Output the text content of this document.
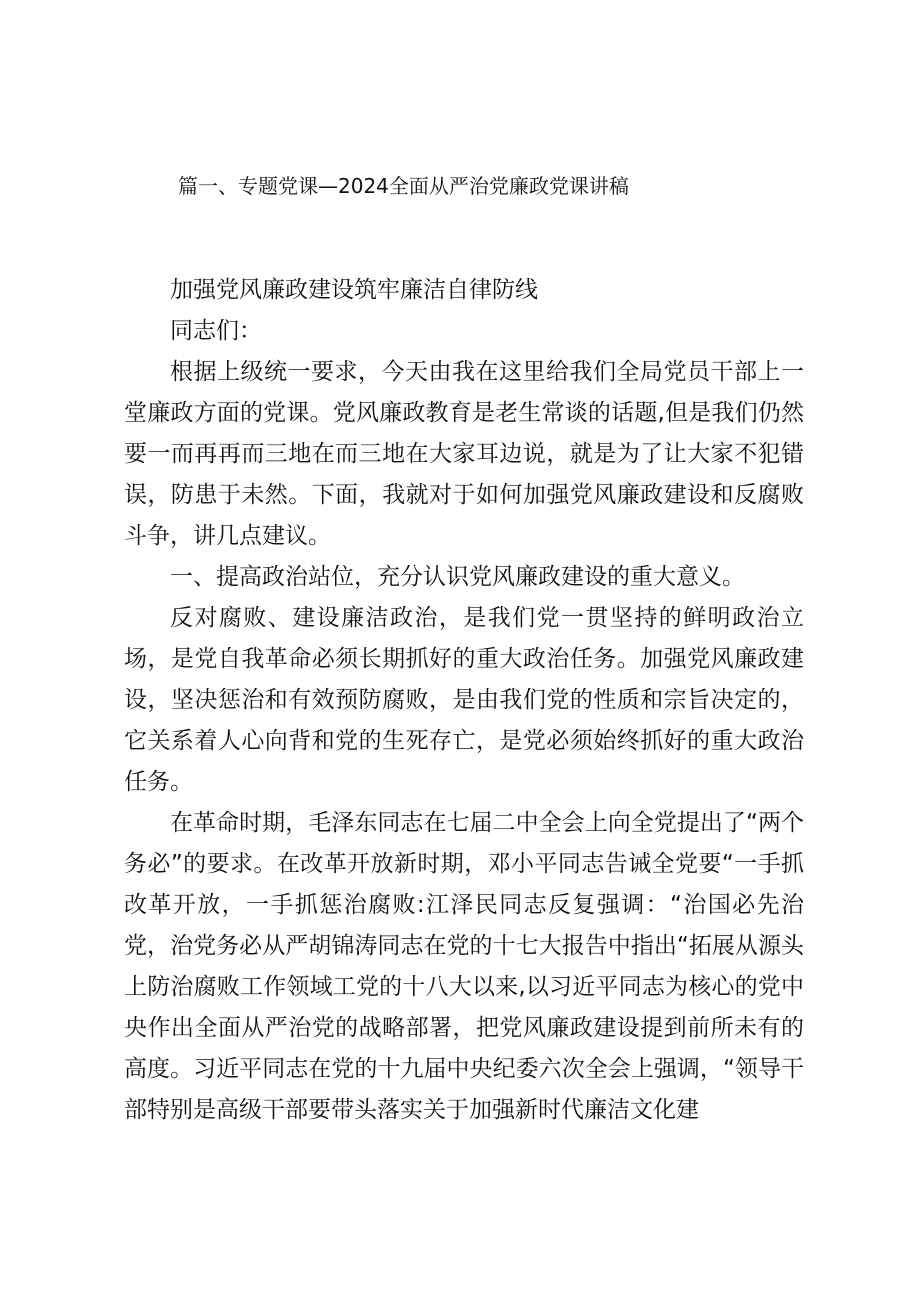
篇一、专题党课—2024全面从严治党廉政党课讲稿

加强党风廉政建设筑牢廉洁自律防线

同志们：

根据上级统一要求，今天由我在这里给我们全局党员干部上一堂廉政方面的党课。党风廉政教育是老生常谈的话题,但是我们仍然要一而再再而三地在而三地在大家耳边说，就是为了让大家不犯错误，防患于未然。下面，我就对于如何加强党风廉政建设和反腐败斗争，讲几点建议。

一、提高政治站位，充分认识党风廉政建设的重大意义。

反对腐败、建设廉洁政治，是我们党一贯坚持的鲜明政治立场，是党自我革命必须长期抓好的重大政治任务。加强党风廉政建设，坚决惩治和有效预防腐败，是由我们党的性质和宗旨决定的，它关系着人心向背和党的生死存亡，是党必须始终抓好的重大政治任务。

在革命时期，毛泽东同志在七届二中全会上向全党提出了“两个务必”的要求。在改革开放新时期，邓小平同志告诫全党要“一手抓改革开放，一手抓惩治腐败:江泽民同志反复强调：“治国必先治党，治党务必从严胡锦涛同志在党的十七大报告中指出“拓展从源头上防治腐败工作领域工党的十八大以来,以习近平同志为核心的党中央作出全面从严治党的战略部署，把党风廉政建设提到前所未有的高度。习近平同志在党的十九届中央纪委六次全会上强调，“领导干部特别是高级干部要带头落实关于加强新时代廉洁文化建
